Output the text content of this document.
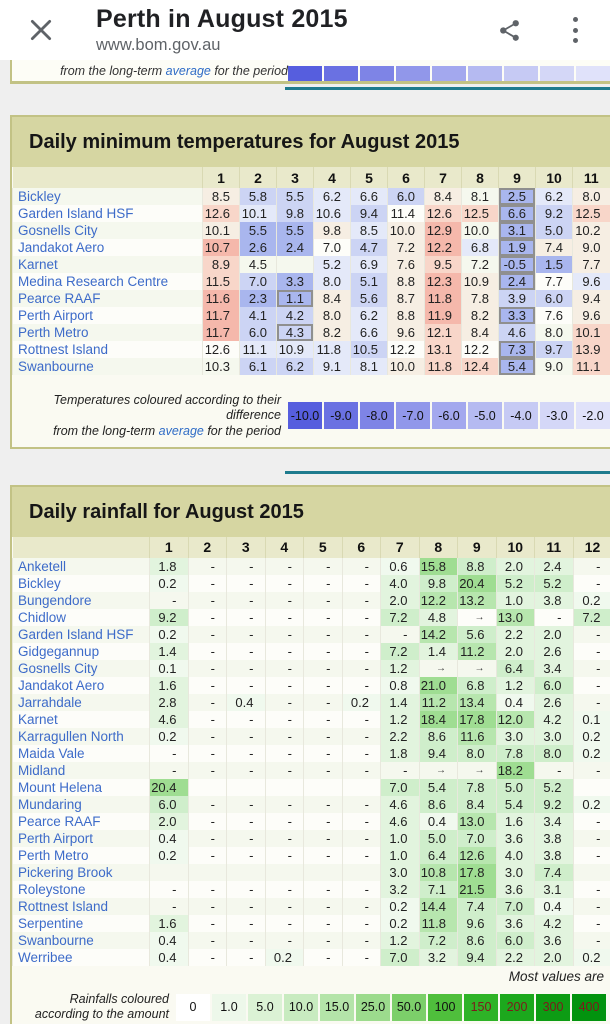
Perth in August 2015
www.bom.gov.au
from the long-term average for the period
Daily minimum temperatures for August 2015
	1	2	3	4	5	6	7	8	9	10	11
Bickley	8.5	5.8	5.5	6.2	6.6	6.0	8.4	8.1	2.5	6.2	8.0
Garden Island HSF	12.6	10.1	9.8	10.6	9.4	11.4	12.6	12.5	6.6	9.2	12.5
Gosnells City	10.1	5.5	5.5	9.8	8.5	10.0	12.9	10.0	3.1	5.0	10.2
Jandakot Aero	10.7	2.6	2.4	7.0	4.7	7.2	12.2	6.8	1.9	7.4	9.0
Karnet	8.9	4.5		5.2	6.9	7.6	9.5	7.2	-0.5	1.5	7.7
Medina Research Centre	11.5	7.0	3.3	8.0	5.1	8.8	12.3	10.9	2.4	7.7	9.6
Pearce RAAF	11.6	2.3	1.1	8.4	5.6	8.7	11.8	7.8	3.9	6.0	9.4
Perth Airport	11.7	4.1	4.2	8.0	6.2	8.8	11.9	8.2	3.3	7.6	9.6
Perth Metro	11.7	6.0	4.3	8.2	6.6	9.6	12.1	8.4	4.6	8.0	10.1
Rottnest Island	12.6	11.1	10.9	11.8	10.5	12.2	13.1	12.2	7.3	9.7	13.9
Swanbourne	10.3	6.1	6.2	9.1	8.1	10.0	11.8	12.4	5.4	9.0	11.1
Temperatures coloured according to their difference
from the long-term average for the period
-10.0 -9.0	-8.0	-7.0	-6.0	-5.0	-4.0	-3.0	-2.0
Daily rainfall for August 2015
	1	2	3	4	5	6	7	8	9	10	11	12
Anketell	1.8	-	-	-	-	-	0.6	15.8	8.8	2.0	2.4	-
Bickley	0.2	-	-	-	-	-	4.0	9.8	20.4	5.2	5.2	-
Bungendore	-	-	-	-	-	-	2.0	12.2	13.2	1.0	3.8	0.2
Chidlow	9.2	-	-	-	-	-	7.2	4.8	→	13.0	-	7.2
Garden Island HSF	0.2	-	-	-	-	-	-	14.2	5.6	2.2	2.0	-
Gidgegannup	1.4	-	-	-	-	-	7.2	1.4	11.2	2.0	2.6	-
Gosnells City	0.1	-	-	-	-	-	1.2	→	→	6.4	3.4	-
Jandakot Aero	1.6	-	-	-	-	-	0.8	21.0	6.8	1.2	6.0	-
Jarrahdale	2.8	-	0.4	-	-	0.2	1.4	11.2	13.4	0.4	2.6	-
Karnet	4.6	-	-	-	-	-	1.2	18.4	17.8	12.0	4.2	0.1
Karragullen North	0.2	-	-	-	-	-	2.2	8.6	11.6	3.0	3.0	0.2
Maida Vale	-	-	-	-	-	-	1.8	9.4	8.0	7.8	8.0	0.2
Midland	-	-	-	-	-	-	-	→	→	18.2	-	-
Mount Helena	20.4						7.0	5.4	7.8	5.0	5.2	
Mundaring	6.0	-	-	-	-	-	4.6	8.6	8.4	5.4	9.2	0.2
Pearce RAAF	2.0	-	-	-	-	-	4.6	0.4	13.0	1.6	3.4	-
Perth Airport	0.4	-	-	-	-	-	1.0	5.0	7.0	3.6	3.8	-
Perth Metro	0.2	-	-	-	-	-	1.0	6.4	12.6	4.0	3.8	-
Pickering Brook							3.0	10.8	17.8	3.0	7.4	
Roleystone	-	-	-	-	-	-	3.2	7.1	21.5	3.6	3.1	-
Rottnest Island	-	-	-	-	-	-	0.2	14.4	7.4	7.0	0.4	-
Serpentine	1.6	-	-	-	-	-	0.2	11.8	9.6	3.6	4.2	-
Swanbourne	0.4	-	-	-	-	-	1.2	7.2	8.6	6.0	3.6	-
Werribee	0.4	-	-	0.2	-	-	7.0	3.2	9.4	2.2	2.0	0.2
Most values are
Rainfalls coloured
according to the amount	0	1.0	5.0	10.0 15.0 25.0 50.0	100	150	200	300	400
